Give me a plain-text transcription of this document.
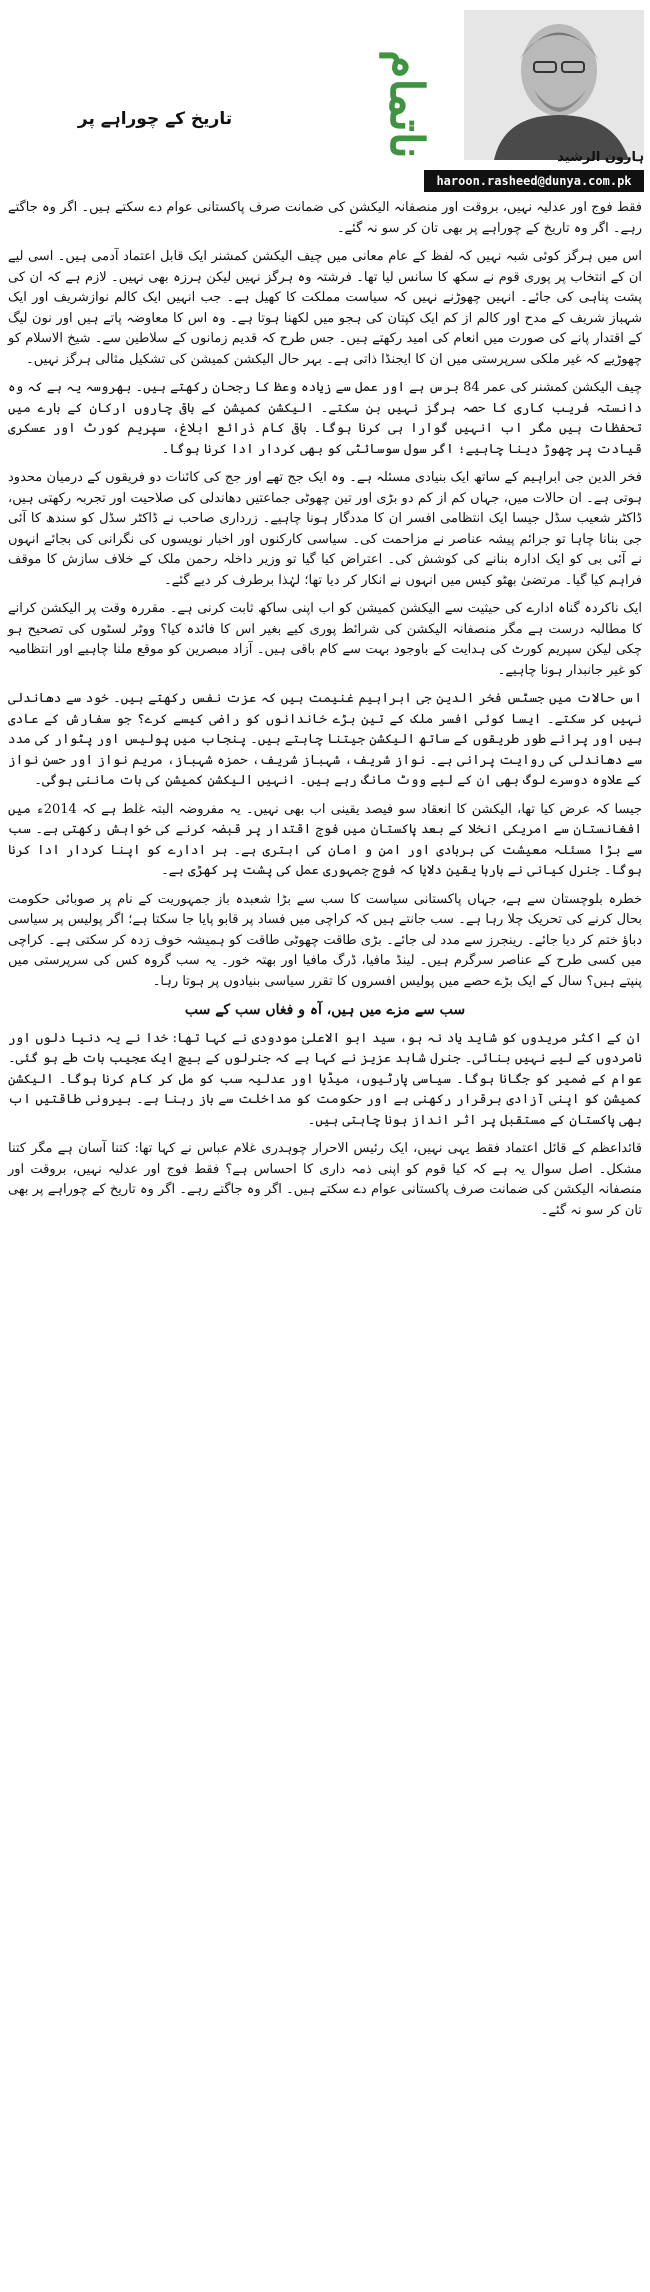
ناتمام	ہارون الرشید
haroon.rasheed@dunya.com.pk
تاریخ کے چوراہے پر

فقط فوج اور عدلیہ نہیں، بروقت اور منصفانہ الیکشن کی ضمانت صرف پاکستانی عوام دے سکتے ہیں۔ اگر وہ جاگتے رہے۔ اگر وہ تاریخ کے چوراہے پر بھی تان کر سو نہ گئے۔

اس میں ہرگز کوئی شبہ نہیں کہ لفظ کے عام معانی میں چیف الیکشن کمشنر ایک قابل اعتماد آدمی ہیں۔ اسی لیے ان کے انتخاب پر پوری قوم نے سکھ کا سانس لیا تھا۔ فرشتہ وہ ہرگز نہیں لیکن ہرزہ بھی نہیں۔ لازم ہے کہ ان کی پشت پناہی کی جائے۔ انہیں چھوڑنے نہیں کہ سیاست مملکت کا کھیل ہے۔ جب انہیں ایک کالم نوازشریف اور ایک شہباز شریف کے مدح اور کالم از کم ایک کپتان کی ہجو میں لکھنا ہوتا ہے۔ وہ اس کا معاوضہ پاتے ہیں اور نون لیگ کے اقتدار پانے کی صورت میں انعام کی امید رکھتے ہیں۔ جس طرح کہ قدیم زمانوں کے سلاطین سے۔ شیخ الاسلام کو چھوڑیے کہ غیر ملکی سرپرستی میں ان کا ایجنڈا ذاتی ہے۔ بہر حال الیکشن کمیشن کی تشکیل مثالی ہرگز نہیں۔

چیف الیکشن کمشنر کی عمر 84 برس ہے اور عمل سے زیادہ وعظ کا رجحان رکھتے ہیں۔ بھروسہ یہ ہے کہ وہ دانستہ فریب کاری کا حصہ ہرگز نہیں بن سکتے۔ الیکشن کمیشن کے باقی چاروں ارکان کے بارے میں تحفظات ہیں مگر اب انہیں گوارا ہی کرنا ہوگا۔ باقی کام ذرائع ابلاغ، سپریم کورٹ اور عسکری قیادت پر چھوڑ دینا چاہیے؛ اگر سول سوسائٹی کو بھی کردار ادا کرنا ہوگا۔

فخر الدین جی ابراہیم کے ساتھ ایک بنیادی مسئلہ ہے۔ وہ ایک جج تھے اور جج کی کائنات دو فریقوں کے درمیان محدود ہوتی ہے۔ ان حالات میں، جہاں کم از کم دو بڑی اور تین چھوٹی جماعتیں دھاندلی کی صلاحیت اور تجربہ رکھتی ہیں، ڈاکٹر شعیب سڈل جیسا ایک انتظامی افسر ان کا مددگار ہونا چاہیے۔ زرداری صاحب نے ڈاکٹر سڈل کو سندھ کا آئی جی بنانا چاہا تو جرائم پیشہ عناصر نے مزاحمت کی۔ سیاسی کارکنوں اور اخبار نویسوں کی نگرانی کی بجائے انہوں نے آئی بی کو ایک ادارہ بنانے کی کوشش کی۔ اعتراض کیا گیا تو وزیر داخلہ رحمن ملک کے خلاف سازش کا موقف فراہم کیا گیا۔ مرتضیٰ بھٹو کیس میں انہوں نے انکار کر دیا تھا؛ لہٰذا برطرف کر دیے گئے۔

ایک ناکردہ گناہ ادارے کی حیثیت سے الیکشن کمیشن کو اب اپنی ساکھ ثابت کرنی ہے۔ مقررہ وقت پر الیکشن کرانے کا مطالبہ درست ہے مگر منصفانہ الیکشن کی شرائط پوری کیے بغیر اس کا فائدہ کیا؟ ووٹر لسٹوں کی تصحیح ہو چکی لیکن سپریم کورٹ کی ہدایت کے باوجود بہت سے کام باقی ہیں۔ آزاد مبصرین کو موقع ملنا چاہیے اور انتظامیہ کو غیر جانبدار ہونا چاہیے۔

اس حالات میں جسٹس فخر الدین جی ابراہیم غنیمت ہیں کہ عزت نفس رکھتے ہیں۔ خود سے دھاندلی نہیں کر سکتے۔ ایسا کوئی افسر ملک کے تین بڑے خاندانوں کو راضی کیسے کرے؟ جو سفارش کے عادی ہیں اور پرانے طور طریقوں کے ساتھ الیکشن جیتنا چاہتے ہیں۔ پنجاب میں پولیس اور پٹوار کی مدد سے دھاندلی کی روایت پرانی ہے۔ نواز شریف، شہباز شریف، حمزہ شہباز، مریم نواز اور حسن نواز کے علاوہ دوسرے لوگ بھی ان کے لیے ووٹ مانگ رہے ہیں۔ انہیں الیکشن کمیشن کی بات ماننی ہوگی۔

جیسا کہ عرض کیا تھا، الیکشن کا انعقاد سو فیصد یقینی اب بھی نہیں۔ یہ مفروضہ البتہ غلط ہے کہ 2014ء میں افغانستان سے امریکی انخلا کے بعد پاکستان میں فوج اقتدار پر قبضہ کرنے کی خواہش رکھتی ہے۔ سب سے بڑا مسئلہ معیشت کی بربادی اور امن و امان کی ابتری ہے۔ ہر ادارے کو اپنا کردار ادا کرنا ہوگا۔ جنرل کیانی نے بارہا یقین دلایا کہ فوج جمہوری عمل کی پشت پر کھڑی ہے۔

خطرہ بلوچستان سے ہے، جہاں پاکستانی سیاست کا سب سے بڑا شعبدہ باز جمہوریت کے نام پر صوبائی حکومت بحال کرنے کی تحریک چلا رہا ہے۔ سب جانتے ہیں کہ کراچی میں فساد پر قابو پایا جا سکتا ہے؛ اگر پولیس پر سیاسی دباؤ ختم کر دیا جائے۔ رینجرز سے مدد لی جائے۔ بڑی طاقت چھوٹی طاقت کو ہمیشہ خوف زدہ کر سکتی ہے۔ کراچی میں کسی طرح کے عناصر سرگرم ہیں۔ لینڈ مافیا، ڈرگ مافیا اور بھتہ خور۔ یہ سب گروہ کس کی سرپرستی میں پنپتے ہیں؟ سال کے ایک بڑے حصے میں پولیس افسروں کا تقرر سیاسی بنیادوں پر ہوتا رہا۔

سب سے مزے میں ہیں، آہ و فغاں سب کے سب

ان کے اکثر مریدوں کو شاید یاد نہ ہو، سید ابو الاعلیٰ مودودی نے کہا تھا: خدا نے یہ دنیا دلوں اور نامردوں کے لیے نہیں بنائی۔ جنرل شاہد عزیز نے کہا ہے کہ جنرلوں کے بیچ ایک عجیب بات طے ہو گئی۔ عوام کے ضمیر کو جگانا ہوگا۔ سیاسی پارٹیوں، میڈیا اور عدلیہ سب کو مل کر کام کرنا ہوگا۔ الیکشن کمیشن کو اپنی آزادی برقرار رکھنی ہے اور حکومت کو مداخلت سے باز رہنا ہے۔ بیرونی طاقتیں اب بھی پاکستان کے مستقبل پر اثر انداز ہونا چاہتی ہیں۔

قائداعظم کے قائل اعتماد فقط یہی نہیں، ایک رئیس الاحرار چوہدری غلام عباس نے کہا تھا: کتنا آسان ہے مگر کتنا مشکل۔ اصل سوال یہ ہے کہ کیا قوم کو اپنی ذمہ داری کا احساس ہے؟ فقط فوج اور عدلیہ نہیں، بروقت اور منصفانہ الیکشن کی ضمانت صرف پاکستانی عوام دے سکتے ہیں۔ اگر وہ جاگتے رہے۔ اگر وہ تاریخ کے چوراہے پر بھی تان کر سو نہ گئے۔
